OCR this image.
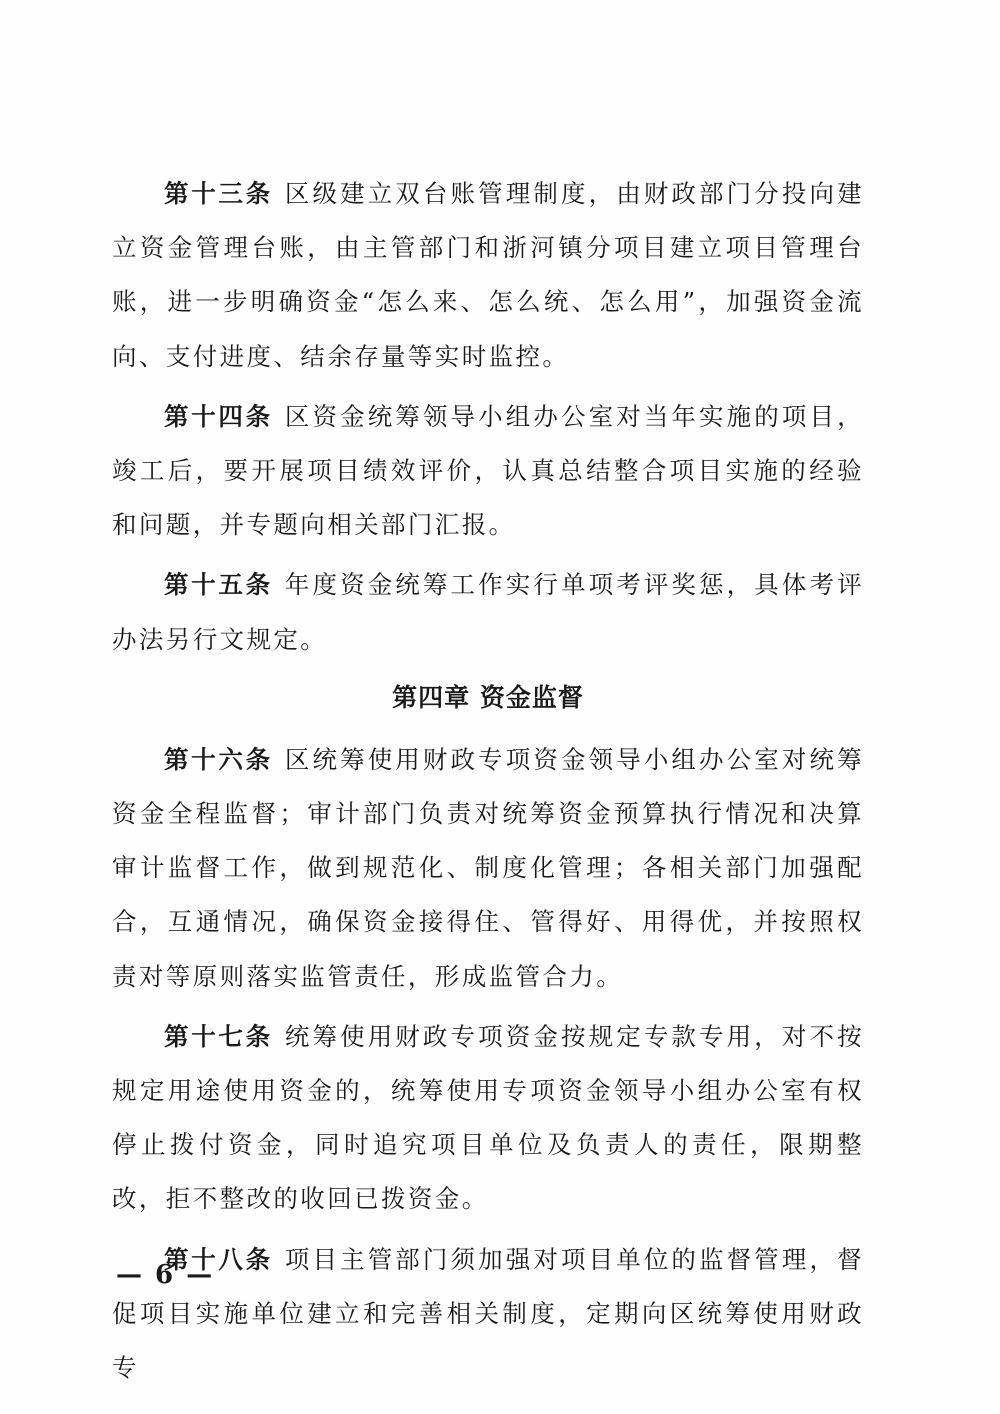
第十三条 区级建立双台账管理制度，由财政部门分投向建立资金管理台账，由主管部门和浙河镇分项目建立项目管理台账，进一步明确资金“怎么来、怎么统、怎么用”，加强资金流向、支付进度、结余存量等实时监控。

第十四条 区资金统筹领导小组办公室对当年实施的项目，竣工后，要开展项目绩效评价，认真总结整合项目实施的经验和问题，并专题向相关部门汇报。

第十五条 年度资金统筹工作实行单项考评奖惩，具体考评办法另行文规定。

第四章 资金监督

第十六条 区统筹使用财政专项资金领导小组办公室对统筹资金全程监督；审计部门负责对统筹资金预算执行情况和决算审计监督工作，做到规范化、制度化管理；各相关部门加强配合，互通情况，确保资金接得住、管得好、用得优，并按照权责对等原则落实监管责任，形成监管合力。

第十七条 统筹使用财政专项资金按规定专款专用，对不按规定用途使用资金的，统筹使用专项资金领导小组办公室有权停止拨付资金，同时追究项目单位及负责人的责任，限期整改，拒不整改的收回已拨资金。

第十八条 项目主管部门须加强对项目单位的监督管理，督促项目实施单位建立和完善相关制度，定期向区统筹使用财政专

— 6 —
